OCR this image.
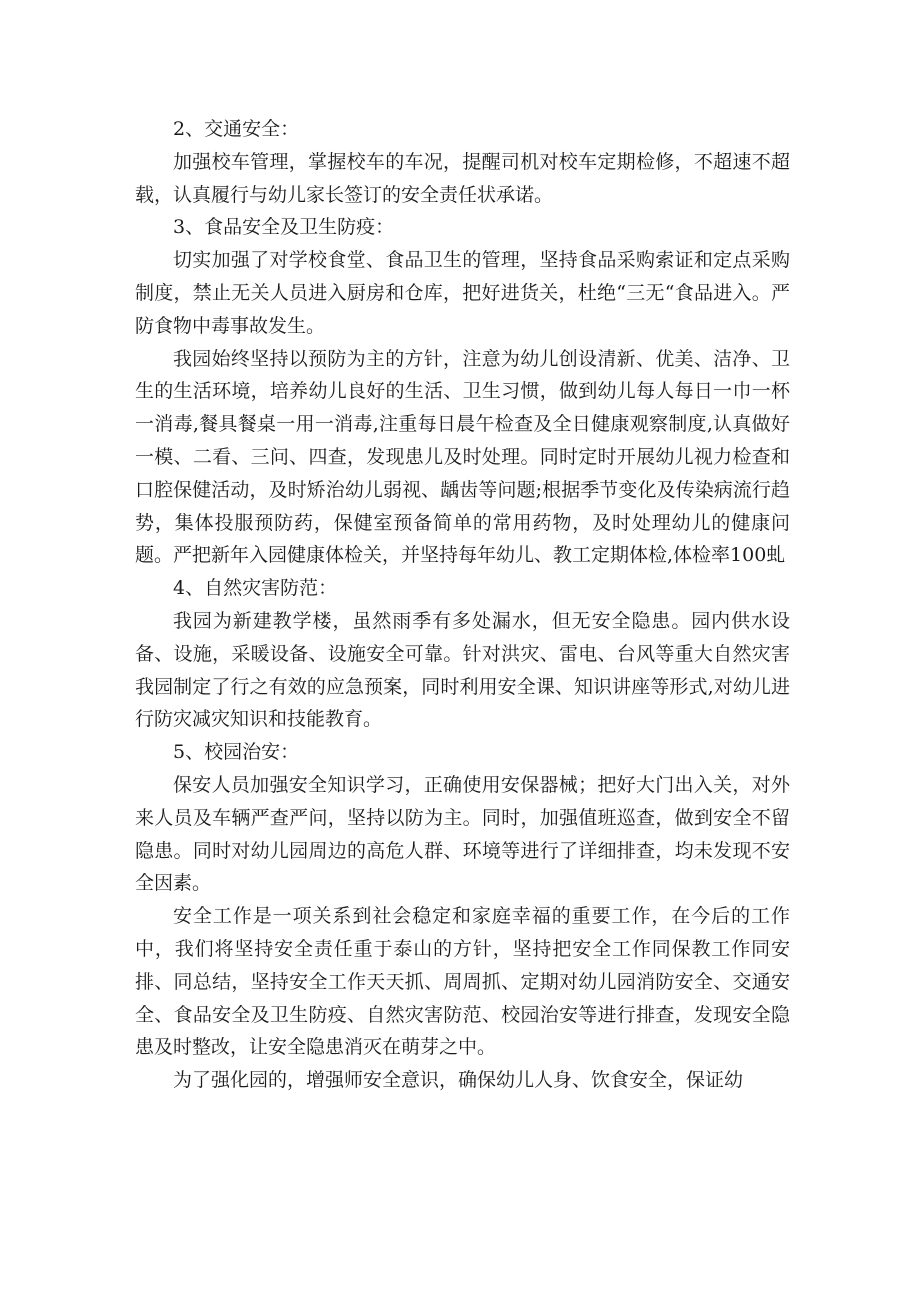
2、交通安全：

加强校车管理，掌握校车的车况，提醒司机对校车定期检修，不超速不超载，认真履行与幼儿家长签订的安全责任状承诺。

3、食品安全及卫生防疫：

切实加强了对学校食堂、食品卫生的管理，坚持食品采购索证和定点采购制度，禁止无关人员进入厨房和仓库，把好进货关，杜绝“三无“食品进入。严防食物中毒事故发生。

我园始终坚持以预防为主的方针，注意为幼儿创设清新、优美、洁净、卫生的生活环境，培养幼儿良好的生活、卫生习惯，做到幼儿每人每日一巾一杯一消毒,餐具餐桌一用一消毒,注重每日晨午检查及全日健康观察制度,认真做好一模、二看、三问、四查，发现患儿及时处理。同时定时开展幼儿视力检查和口腔保健活动，及时矫治幼儿弱视、龋齿等问题;根据季节变化及传染病流行趋势，集体投服预防药，保健室预备简单的常用药物，及时处理幼儿的健康问题。严把新年入园健康体检关，并坚持每年幼儿、教工定期体检,体检率100虬

4、自然灾害防范：

我园为新建教学楼，虽然雨季有多处漏水，但无安全隐患。园内供水设备、设施，采暖设备、设施安全可靠。针对洪灾、雷电、台风等重大自然灾害我园制定了行之有效的应急预案，同时利用安全课、知识讲座等形式,对幼儿进行防灾减灾知识和技能教育。

5、校园治安：

保安人员加强安全知识学习，正确使用安保器械；把好大门出入关，对外来人员及车辆严查严问，坚持以防为主。同时，加强值班巡查，做到安全不留隐患。同时对幼儿园周边的高危人群、环境等进行了详细排查，均未发现不安全因素。

安全工作是一项关系到社会稳定和家庭幸福的重要工作，在今后的工作中，我们将坚持安全责任重于泰山的方针，坚持把安全工作同保教工作同安排、同总结，坚持安全工作天天抓、周周抓、定期对幼儿园消防安全、交通安全、食品安全及卫生防疫、自然灾害防范、校园治安等进行排查，发现安全隐患及时整改，让安全隐患消灭在萌芽之中。

为了强化园的，增强师安全意识，确保幼儿人身、饮食安全，保证幼
